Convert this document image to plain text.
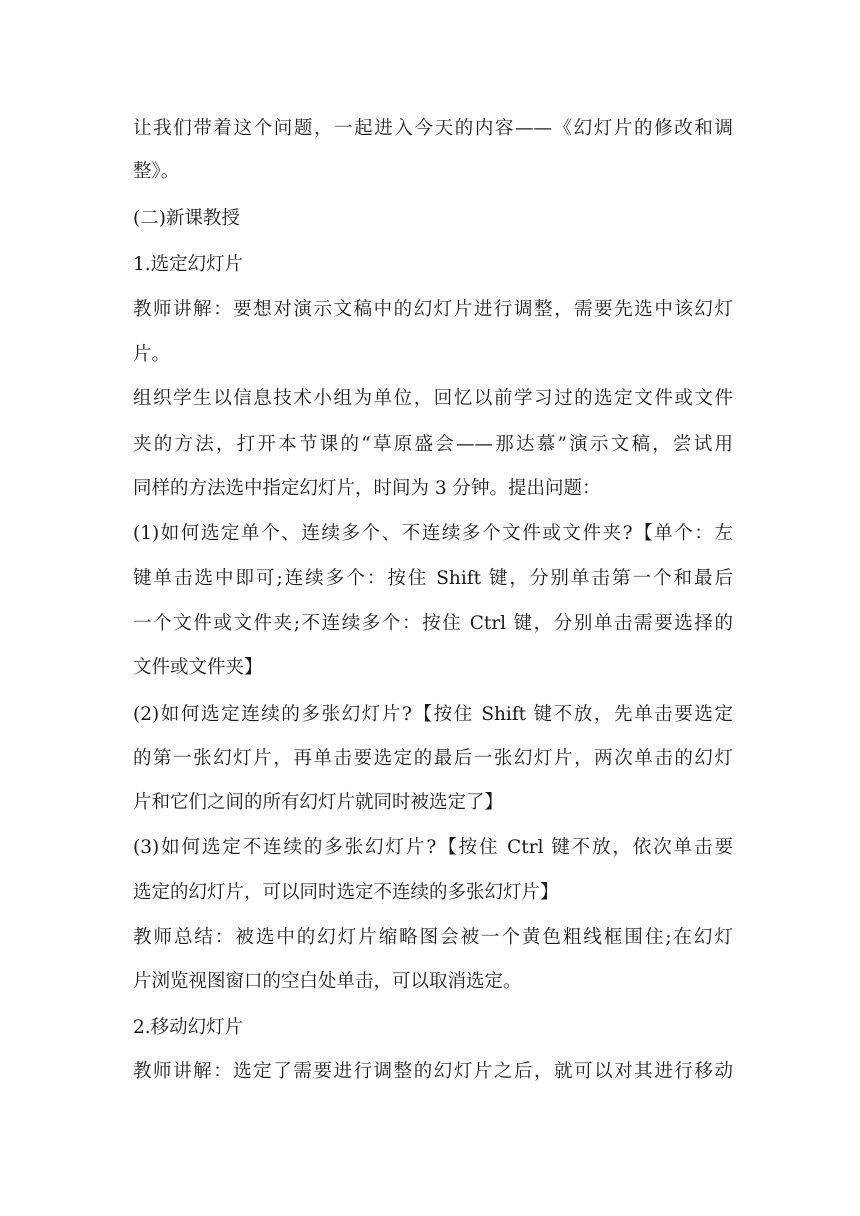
让我们带着这个问题，一起进入今天的内容——《幻灯片的修改和调
整》。
(二)新课教授
1.选定幻灯片
教师讲解：要想对演示文稿中的幻灯片进行调整，需要先选中该幻灯
片。
组织学生以信息技术小组为单位，回忆以前学习过的选定文件或文件
夹的方法，打开本节课的“草原盛会——那达慕”演示文稿，尝试用
同样的方法选中指定幻灯片，时间为 3 分钟。提出问题：
(1)如何选定单个、连续多个、不连续多个文件或文件夹?【单个：左
键单击选中即可;连续多个：按住 Shift 键，分别单击第一个和最后
一个文件或文件夹;不连续多个：按住 Ctrl 键，分别单击需要选择的
文件或文件夹】
(2)如何选定连续的多张幻灯片?【按住 Shift 键不放，先单击要选定
的第一张幻灯片，再单击要选定的最后一张幻灯片，两次单击的幻灯
片和它们之间的所有幻灯片就同时被选定了】
(3)如何选定不连续的多张幻灯片?【按住 Ctrl 键不放，依次单击要
选定的幻灯片，可以同时选定不连续的多张幻灯片】
教师总结：被选中的幻灯片缩略图会被一个黄色粗线框围住;在幻灯
片浏览视图窗口的空白处单击，可以取消选定。
2.移动幻灯片
教师讲解：选定了需要进行调整的幻灯片之后，就可以对其进行移动
